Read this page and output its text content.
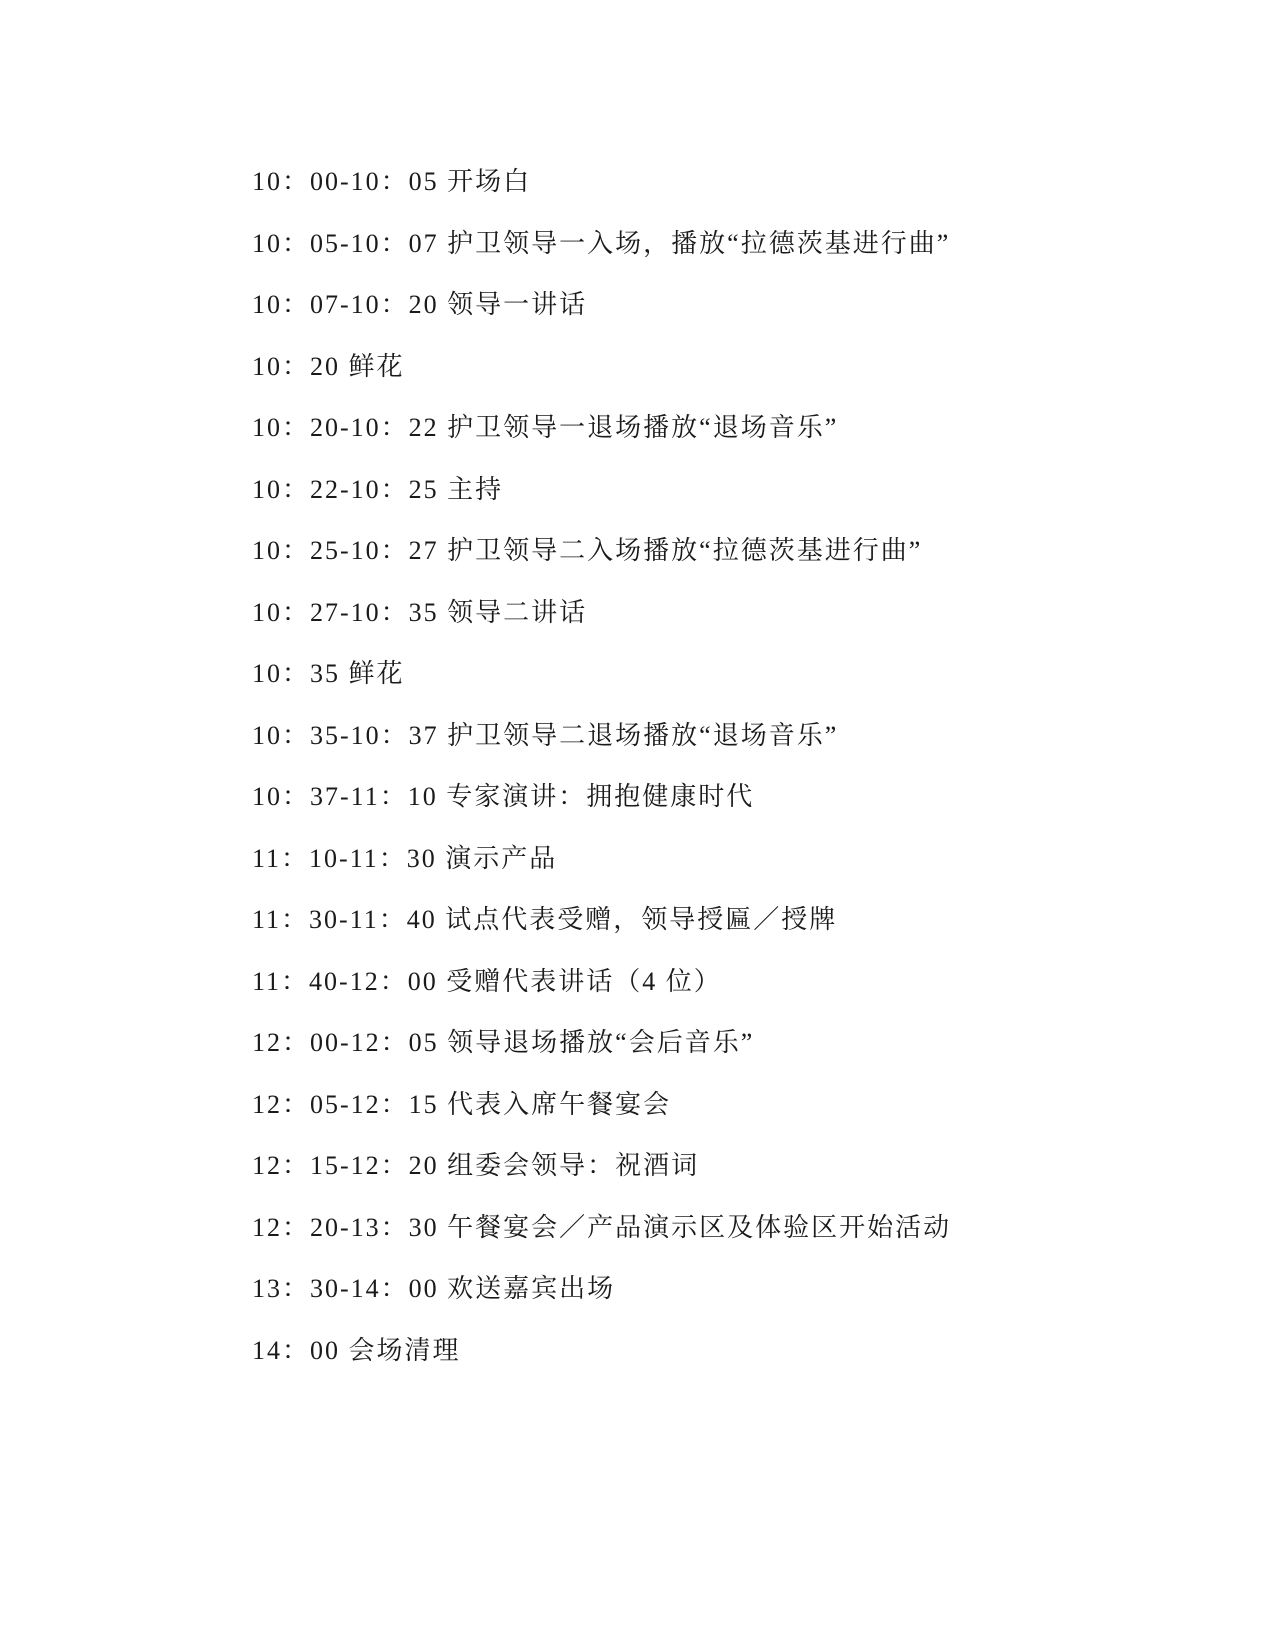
10：00-10：05 开场白
10：05-10：07 护卫领导一入场，播放“拉德茨基进行曲”
10：07-10：20 领导一讲话
10：20 鲜花
10：20-10：22 护卫领导一退场播放“退场音乐”
10：22-10：25 主持
10：25-10：27 护卫领导二入场播放“拉德茨基进行曲”
10：27-10：35 领导二讲话
10：35 鲜花
10：35-10：37 护卫领导二退场播放“退场音乐”
10：37-11：10 专家演讲：拥抱健康时代
11：10-11：30 演示产品
11：30-11：40 试点代表受赠，领导授匾／授牌
11：40-12：00 受赠代表讲话（4 位）
12：00-12：05 领导退场播放“会后音乐”
12：05-12：15 代表入席午餐宴会
12：15-12：20 组委会领导：祝酒词
12：20-13：30 午餐宴会／产品演示区及体验区开始活动
13：30-14：00 欢送嘉宾出场
14：00 会场清理
